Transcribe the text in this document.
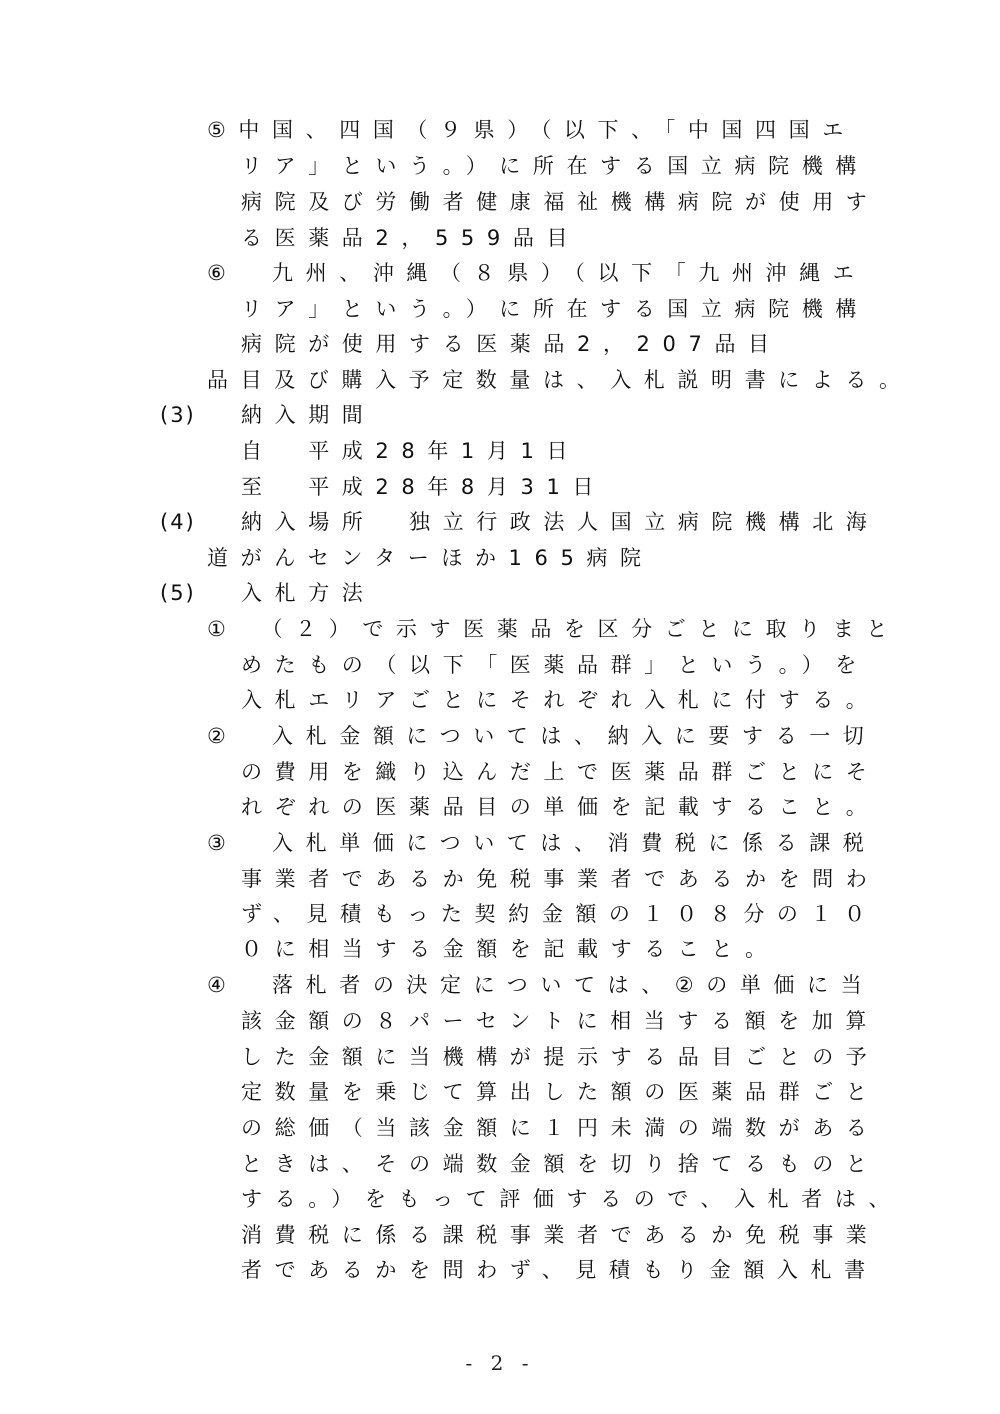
⑤中国、四国（９県）（以下、「中国四国エ
リア」という。）に所在する国立病院機構
病院及び労働者健康福祉機構病院が使用す
る医薬品2，559品目
⑥　九州、沖縄（８県）（以下「九州沖縄エ
リア」という。）に所在する国立病院機構
病院が使用する医薬品2，207品目
品目及び購入予定数量は、入札説明書による。
(3) 納入期間
自　平成28年1月1日
至　平成28年8月31日
(4) 納入場所　独立行政法人国立病院機構北海
道がんセンターほか165病院
(5) 入札方法
①　（２）で示す医薬品を区分ごとに取りまと
めたもの（以下「医薬品群」という。）を
入札エリアごとにそれぞれ入札に付する。
②　入札金額については、納入に要する一切
の費用を織り込んだ上で医薬品群ごとにそ
れぞれの医薬品目の単価を記載すること。
③　入札単価については、消費税に係る課税
事業者であるか免税事業者であるかを問わ
ず、見積もった契約金額の１０８分の１０
０に相当する金額を記載すること。
④　落札者の決定については、②の単価に当
該金額の８パーセントに相当する額を加算
した金額に当機構が提示する品目ごとの予
定数量を乗じて算出した額の医薬品群ごと
の総価（当該金額に１円未満の端数がある
ときは、その端数金額を切り捨てるものと
する。）をもって評価するので、入札者は、
消費税に係る課税事業者であるか免税事業
者であるかを問わず、見積もり金額入札書
- 2 -
